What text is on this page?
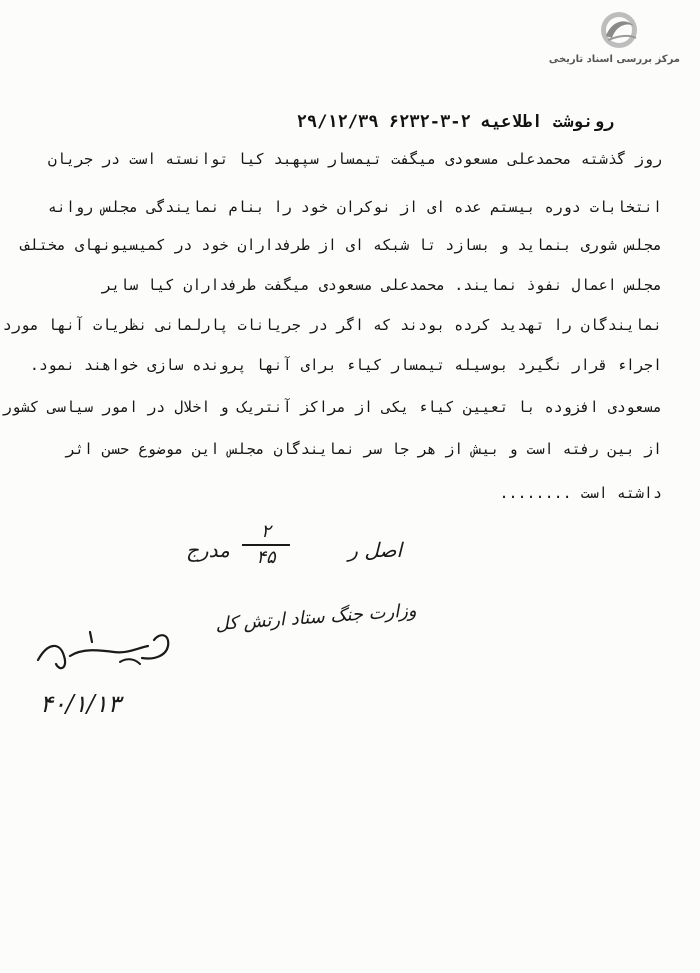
مرکز بررسی اسناد تاریخی
رونوشت اطلاعیه ۲-۳-۶۲۳۲ ۲۹/۱۲/۳۹
روز گذشته محمدعلی مسعودی میگفت تیمسار سپهبد کیا توانسته است در جریان
انتخابات دوره بیستم عده ای از نوکران خود را بنام نمایندگی مجلس روانه
مجلس شوری بنماید و بسازد تا شبکه ای از طرفداران خود در کمیسیونهای مختلف
مجلس اعمال نفوذ نمایند. محمدعلی مسعودی میگفت طرفداران کیا سایر
نمایندگان را تهدید کرده بودند که اگر در جریانات پارلمانی نظریات آنها مورد
اجراء قرار نگیرد بوسیله تیمسار کیاء برای آنها پرونده سازی خواهند نمود.
مسعودی افزوده با تعیین کیاء یکی از مراکز آنتریک و اخلال در امور سیاسی کشور
از بین رفته است و بیش از هر جا سر نمایندگان مجلس این موضوع حسن اثر
داشته است ........
اصل ر
۲
۴۵
مدرج
وزارت جنگ ستاد ارتش کل
۴۰/۱/۱۳
